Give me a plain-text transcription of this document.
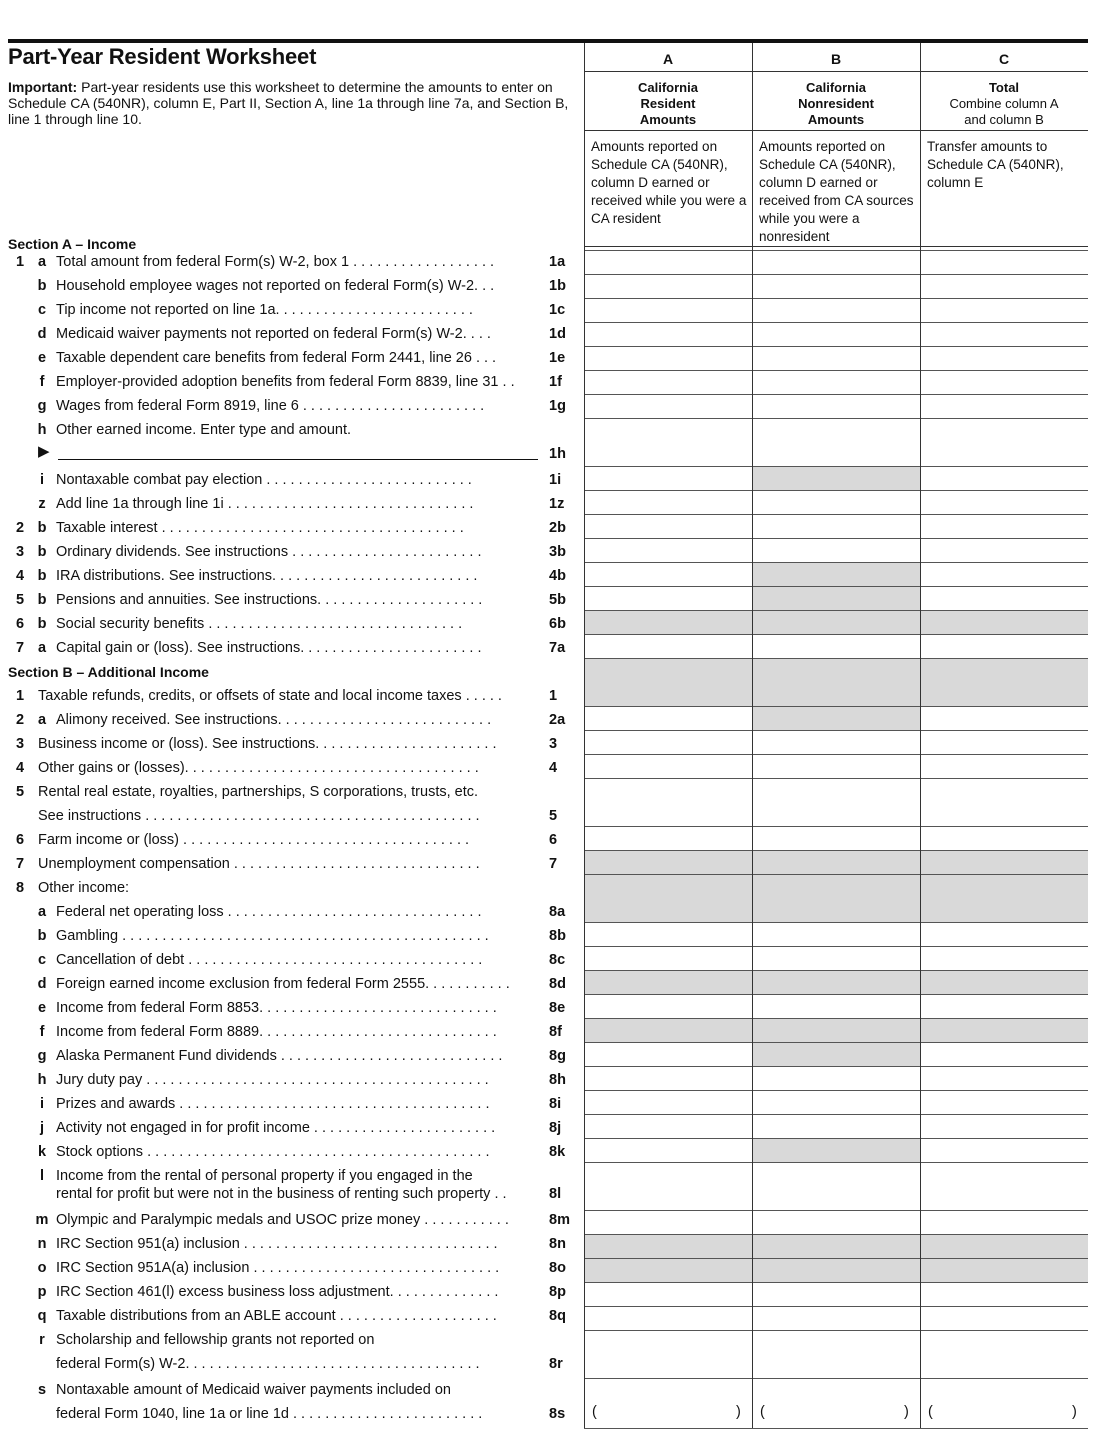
Part-Year Resident Worksheet
Important: Part-year residents use this worksheet to determine the amounts to enter on Schedule CA (540NR), column E, Part II, Section A, line 1a through line 7a, and Section B, line 1 through line 10.
A
California
Resident
Amounts
Amounts reported on Schedule CA (540NR), column D earned or received while you were a CA resident
B
California
Nonresident
Amounts
Amounts reported on Schedule CA (540NR), column D earned or received from CA sources while you were a nonresident
C
Total
Combine column A
and column B
Transfer amounts to Schedule CA (540NR), column E
(	) (	) (	)
Section A – Income
Section B – Additional Income
1 a Total amount from federal Form(s) W-2, box 1 . . . . . . . . . . . . . . . . . .	1a
b Household employee wages not reported on federal Form(s) W-2. . .	1b
c Tip income not reported on line 1a. . . . . . . . . . . . . . . . . . . . . . . . .	1c
d Medicaid waiver payments not reported on federal Form(s) W-2. . . .	1d
e Taxable dependent care benefits from federal Form 2441, line 26 . . .	1e
f Employer-provided adoption benefits from federal Form 8839, line 31 . .	1f
g Wages from federal Form 8919, line 6 . . . . . . . . . . . . . . . . . . . . . . .	1g
h Other earned income. Enter type and amount.
1h
▶
i Nontaxable combat pay election . . . . . . . . . . . . . . . . . . . . . . . . . .	1i
z Add line 1a through line 1i . . . . . . . . . . . . . . . . . . . . . . . . . . . . . . .	1z
2 b Taxable interest . . . . . . . . . . . . . . . . . . . . . . . . . . . . . . . . . . . . . .	2b
3 b Ordinary dividends. See instructions . . . . . . . . . . . . . . . . . . . . . . . .	3b
4 b IRA distributions. See instructions. . . . . . . . . . . . . . . . . . . . . . . . . .	4b
5 b Pensions and annuities. See instructions. . . . . . . . . . . . . . . . . . . . .	5b
6 b Social security benefits . . . . . . . . . . . . . . . . . . . . . . . . . . . . . . . .	6b
7 a Capital gain or (loss). See instructions. . . . . . . . . . . . . . . . . . . . . . .	7a
1 Taxable refunds, credits, or offsets of state and local income taxes . . . . .	1
2 a Alimony received. See instructions. . . . . . . . . . . . . . . . . . . . . . . . . . .	2a
3 Business income or (loss). See instructions. . . . . . . . . . . . . . . . . . . . . . .	3
4 Other gains or (losses). . . . . . . . . . . . . . . . . . . . . . . . . . . . . . . . . . . . .	4
5 Rental real estate, royalties, partnerships, S corporations, trusts, etc.
See instructions . . . . . . . . . . . . . . . . . . . . . . . . . . . . . . . . . . . . . . . . . .	5
6 Farm income or (loss) . . . . . . . . . . . . . . . . . . . . . . . . . . . . . . . . . . . .	6
7 Unemployment compensation . . . . . . . . . . . . . . . . . . . . . . . . . . . . . . .	7
8 Other income:
a Federal net operating loss . . . . . . . . . . . . . . . . . . . . . . . . . . . . . . . .	8a
b Gambling . . . . . . . . . . . . . . . . . . . . . . . . . . . . . . . . . . . . . . . . . . . . . .	8b
c Cancellation of debt . . . . . . . . . . . . . . . . . . . . . . . . . . . . . . . . . . . . .	8c
d Foreign earned income exclusion from federal Form 2555. . . . . . . . . . .	8d
e Income from federal Form 8853. . . . . . . . . . . . . . . . . . . . . . . . . . . . . .	8e
f Income from federal Form 8889. . . . . . . . . . . . . . . . . . . . . . . . . . . . . .	8f
g Alaska Permanent Fund dividends . . . . . . . . . . . . . . . . . . . . . . . . . . . .	8g
h Jury duty pay . . . . . . . . . . . . . . . . . . . . . . . . . . . . . . . . . . . . . . . . . . .	8h
i Prizes and awards . . . . . . . . . . . . . . . . . . . . . . . . . . . . . . . . . . . . . . .	8i
j Activity not engaged in for profit income . . . . . . . . . . . . . . . . . . . . . . .	8j
k Stock options . . . . . . . . . . . . . . . . . . . . . . . . . . . . . . . . . . . . . . . . . . .	8k
l Income from the rental of personal property if you engaged in the
rental for profit but were not in the business of renting such property . .	8l
m Olympic and Paralympic medals and USOC prize money . . . . . . . . . . .	8m
n IRC Section 951(a) inclusion . . . . . . . . . . . . . . . . . . . . . . . . . . . . . . . .	8n
o IRC Section 951A(a) inclusion . . . . . . . . . . . . . . . . . . . . . . . . . . . . . . .	8o
p IRC Section 461(l) excess business loss adjustment. . . . . . . . . . . . . .	8p
q Taxable distributions from an ABLE account . . . . . . . . . . . . . . . . . . . .	8q
r Scholarship and fellowship grants not reported on
federal Form(s) W-2. . . . . . . . . . . . . . . . . . . . . . . . . . . . . . . . . . . . .	8r
s Nontaxable amount of Medicaid waiver payments included on
federal Form 1040, line 1a or line 1d . . . . . . . . . . . . . . . . . . . . . . . .	8s
